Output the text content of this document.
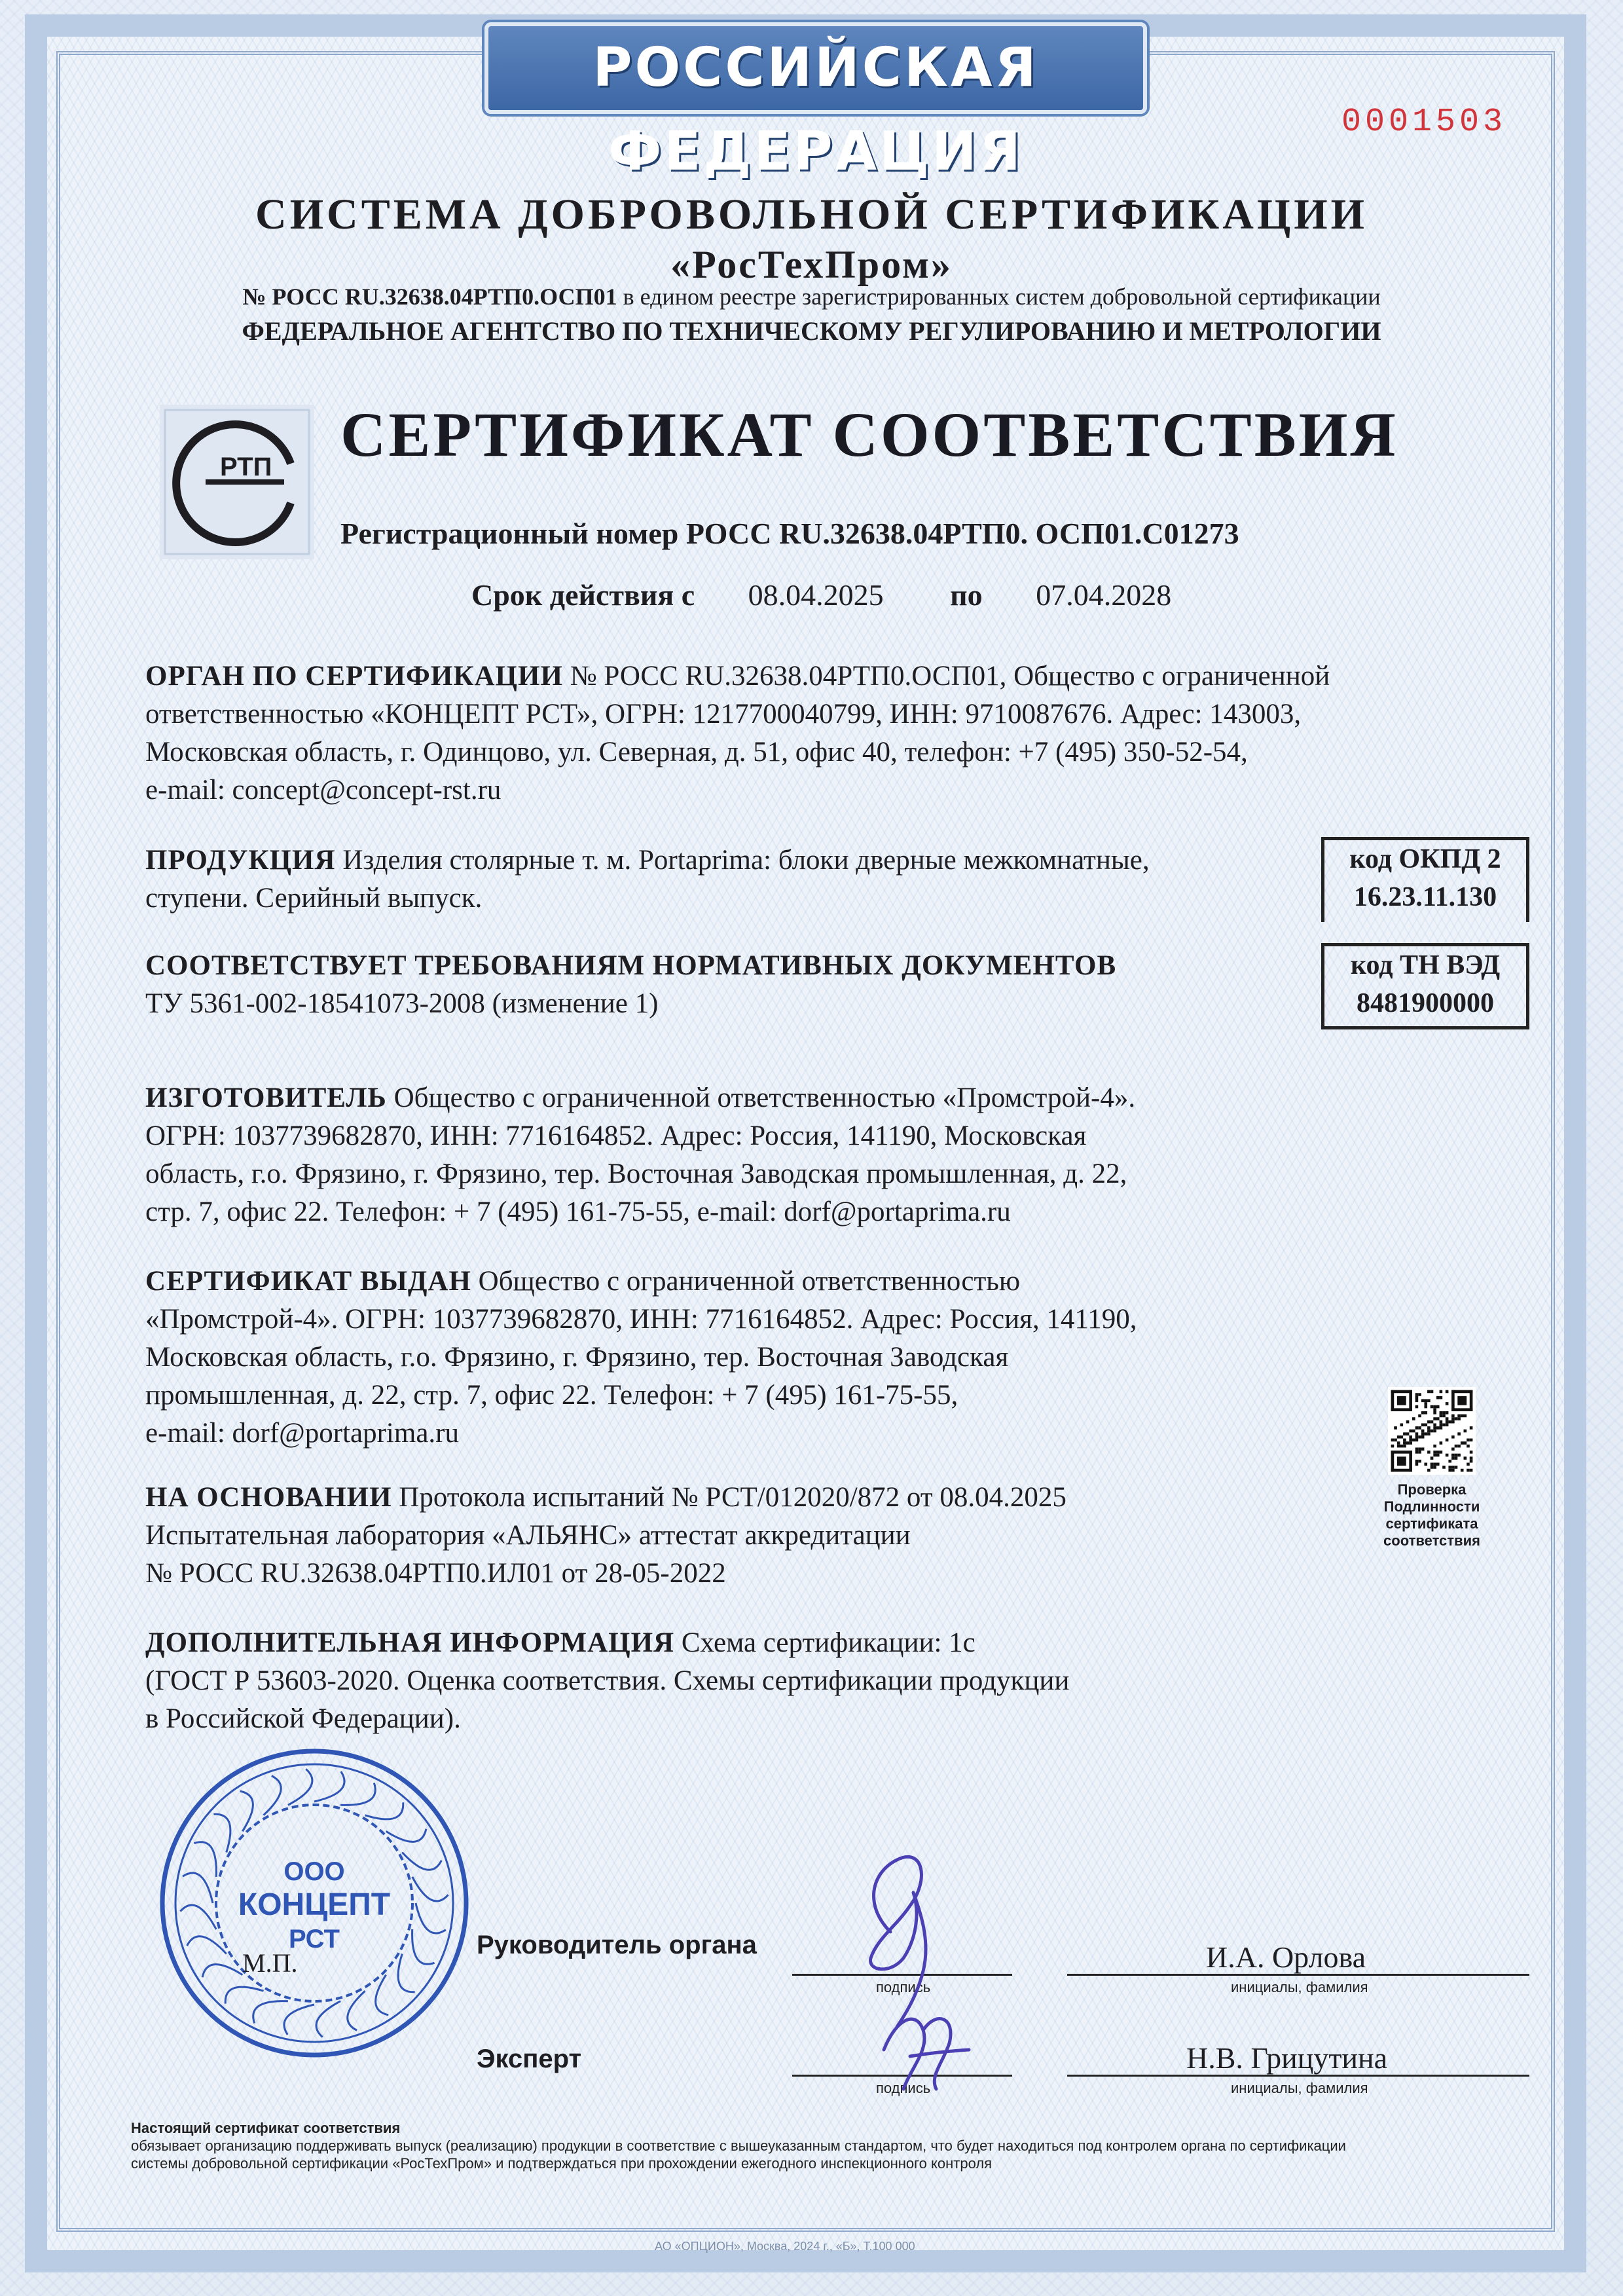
РОССИЙСКАЯ ФЕДЕРАЦИЯ	0001503
СИСТЕМА ДОБРОВОЛЬНОЙ СЕРТИФИКАЦИИ
«РосТехПром»
№ РОСС RU.32638.04РТП0.ОСП01 в едином реестре зарегистрированных систем добровольной сертификации
ФЕДЕРАЛЬНОЕ АГЕНТСТВО ПО ТЕХНИЧЕСКОМУ РЕГУЛИРОВАНИЮ И МЕТРОЛОГИИ
РТП СЕРТИФИКАТ СООТВЕТСТВИЯ
Регистрационный номер РОСС RU.32638.04РТП0. ОСП01.С01273
Срок действия с 08.04.2025 по 07.04.2028
ОРГАН ПО СЕРТИФИКАЦИИ № РОСС RU.32638.04РТП0.ОСП01, Общество с ограниченной
ответственностью «КОНЦЕПТ РСТ», ОГРН: 1217700040799, ИНН: 9710087676. Адрес: 143003,
Московская область, г. Одинцово, ул. Северная, д. 51, офис 40, телефон: +7 (495) 350-52-54,
e-mail: concept@concept-rst.ru
ПРОДУКЦИЯ Изделия столярные т. м. Portaprima: блоки дверные межкомнатные,
ступени. Серийный выпуск.
код ОКПД 2
16.23.11.130
СООТВЕТСТВУЕТ ТРЕБОВАНИЯМ НОРМАТИВНЫХ ДОКУМЕНТОВ
ТУ 5361-002-18541073-2008 (изменение 1)
код ТН ВЭД
8481900000
ИЗГОТОВИТЕЛЬ Общество с ограниченной ответственностью «Промстрой-4».
ОГРН: 1037739682870, ИНН: 7716164852. Адрес: Россия, 141190, Московская
область, г.о. Фрязино, г. Фрязино, тер. Восточная Заводская промышленная, д. 22,
стр. 7, офис 22. Телефон: + 7 (495) 161-75-55, e-mail: dorf@portaprima.ru
СЕРТИФИКАТ ВЫДАН Общество с ограниченной ответственностью
«Промстрой-4». ОГРН: 1037739682870, ИНН: 7716164852. Адрес: Россия, 141190,
Московская область, г.о. Фрязино, г. Фрязино, тер. Восточная Заводская
промышленная, д. 22, стр. 7, офис 22. Телефон: + 7 (495) 161-75-55,
e-mail: dorf@portaprima.ru
Проверка
Подлинности
сертификата
соответствия
НА ОСНОВАНИИ Протокола испытаний № РСТ/012020/872 от 08.04.2025
Испытательная лаборатория «АЛЬЯНС» аттестат аккредитации
№ РОСС RU.32638.04РТП0.ИЛ01 от 28-05-2022
ДОПОЛНИТЕЛЬНАЯ ИНФОРМАЦИЯ Схема сертификации: 1с
(ГОСТ Р 53603-2020. Оценка соответствия. Схемы сертификации продукции
в Российской Федерации).
ООО
КОНЦЕПТ
РСТ
М.П.
Руководитель органа
подпись
И.А. Орлова
инициалы, фамилия
Эксперт
подпись
Н.В. Грицутина
инициалы, фамилия
Настоящий сертификат соответствия
обязывает организацию поддерживать выпуск (реализацию) продукции в соответствие с вышеуказанным стандартом, что будет находиться под контролем органа по сертификации
системы добровольной сертификации «РосТехПром» и подтверждаться при прохождении ежегодного инспекционного контроля
АО «ОПЦИОН», Москва, 2024 г., «Б», Т.100 000
